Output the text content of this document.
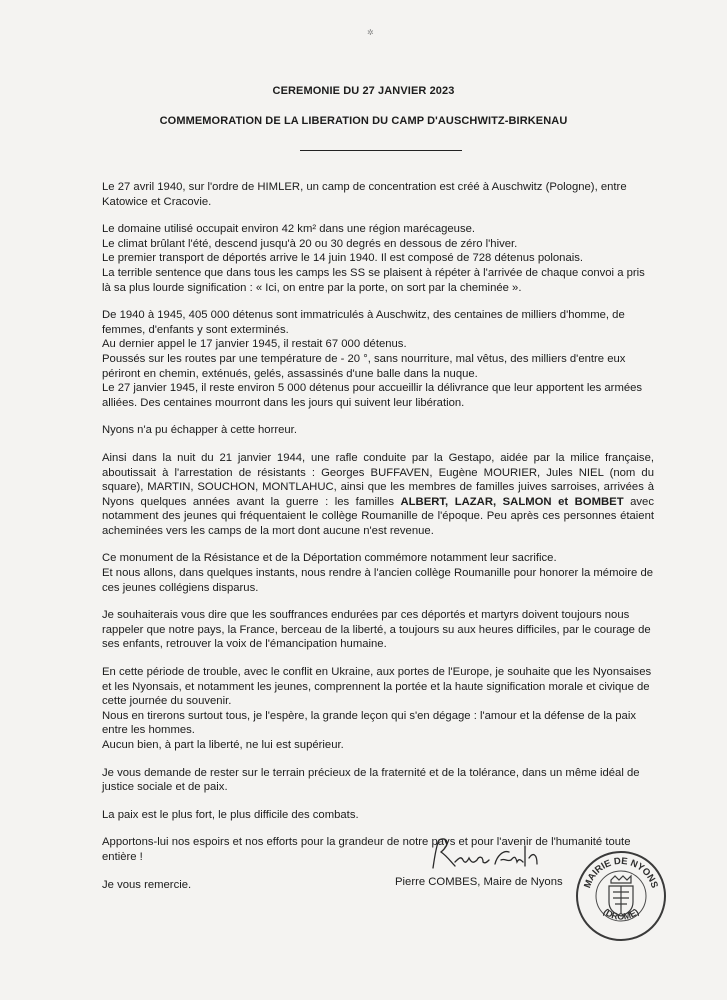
✲
CEREMONIE DU 27 JANVIER 2023
COMMEMORATION DE LA LIBERATION DU CAMP D'AUSCHWITZ-BIRKENAU

Le 27 avril 1940, sur l'ordre de HIMLER, un camp de concentration est créé à Auschwitz (Pologne), entre Katowice et Cracovie.

Le domaine utilisé occupait environ 42 km² dans une région marécageuse.

Le climat brûlant l'été, descend jusqu'à 20 ou 30 degrés en dessous de zéro l'hiver.

Le premier transport de déportés arrive le 14 juin 1940. Il est composé de 728 détenus polonais.

La terrible sentence que dans tous les camps les SS se plaisent à répéter à l'arrivée de chaque convoi a pris là sa plus lourde signification : « Ici, on entre par la porte, on sort par la cheminée ».

De 1940 à 1945, 405 000 détenus sont immatriculés à Auschwitz, des centaines de milliers d'homme, de femmes, d'enfants y sont exterminés.

Au dernier appel le 17 janvier 1945, il restait 67 000 détenus.

Poussés sur les routes par une température de - 20 °, sans nourriture, mal vêtus, des milliers d'entre eux périront en chemin, exténués, gelés, assassinés d'une balle dans la nuque.

Le 27 janvier 1945, il reste environ 5 000 détenus pour accueillir la délivrance que leur apportent les armées alliées. Des centaines mourront dans les jours qui suivent leur libération.

Nyons n'a pu échapper à cette horreur.

Ainsi dans la nuit du 21 janvier 1944, une rafle conduite par la Gestapo, aidée par la milice française, aboutissait à l'arrestation de résistants : Georges BUFFAVEN, Eugène MOURIER, Jules NIEL (nom du square), MARTIN, SOUCHON, MONTLAHUC, ainsi que les membres de familles juives sarroises, arrivées à Nyons quelques années avant la guerre : les familles ALBERT, LAZAR, SALMON et BOMBET avec notamment des jeunes qui fréquentaient le collège Roumanille de l'époque. Peu après ces personnes étaient acheminées vers les camps de la mort dont aucune n'est revenue.

Ce monument de la Résistance et de la Déportation commémore notamment leur sacrifice.

Et nous allons, dans quelques instants, nous rendre à l'ancien collège Roumanille pour honorer la mémoire de ces jeunes collégiens disparus.

Je souhaiterais vous dire que les souffrances endurées par ces déportés et martyrs doivent toujours nous rappeler que notre pays, la France, berceau de la liberté, a toujours su aux heures difficiles, par le courage de ses enfants, retrouver la voix de l'émancipation humaine.

En cette période de trouble, avec le conflit en Ukraine, aux portes de l'Europe, je souhaite que les Nyonsaises et les Nyonsais, et notamment les jeunes, comprennent la portée et la haute signification morale et civique de cette journée du souvenir.

Nous en tirerons surtout tous, je l'espère, la grande leçon qui s'en dégage : l'amour et la défense de la paix entre les hommes.

Aucun bien, à part la liberté, ne lui est supérieur.

Je vous demande de rester sur le terrain précieux de la fraternité et de la tolérance, dans un même idéal de justice sociale et de paix.

La paix est le plus fort, le plus difficile des combats.

Apportons-lui nos espoirs et nos efforts pour la grandeur de notre pays et pour l'avenir de l'humanité toute entière !

Je vous remercie.	Pierre COMBES, Maire de Nyons MAIRIE DE NYONS
(DROME)
